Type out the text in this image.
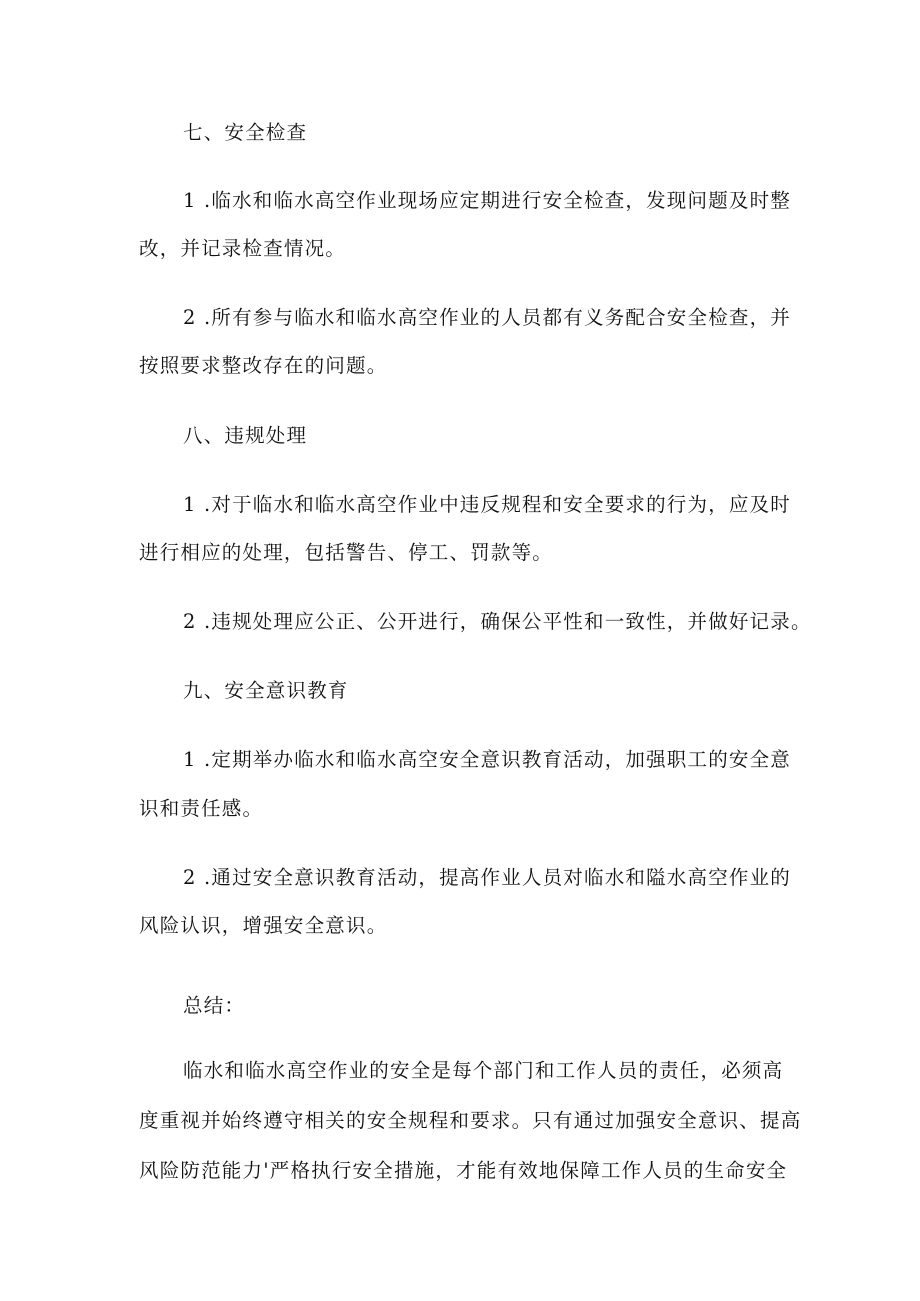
七、安全检查
1 .临水和临水高空作业现场应定期进行安全检查，发现问题及时整
改，并记录检查情况。
2 .所有参与临水和临水高空作业的人员都有义务配合安全检查，并
按照要求整改存在的问题。
八、违规处理
1 .对于临水和临水高空作业中违反规程和安全要求的行为，应及时
进行相应的处理，包括警告、停工、罚款等。
2 .违规处理应公正、公开进行，确保公平性和一致性，并做好记录。
九、安全意识教育
1 .定期举办临水和临水高空安全意识教育活动，加强职工的安全意
识和责任感。
2 .通过安全意识教育活动，提高作业人员对临水和隘水高空作业的
风险认识，增强安全意识。
总结：
临水和临水高空作业的安全是每个部门和工作人员的责任，必须高
度重视并始终遵守相关的安全规程和要求。只有通过加强安全意识、提高
风险防范能力'严格执行安全措施，才能有效地保障工作人员的生命安全
